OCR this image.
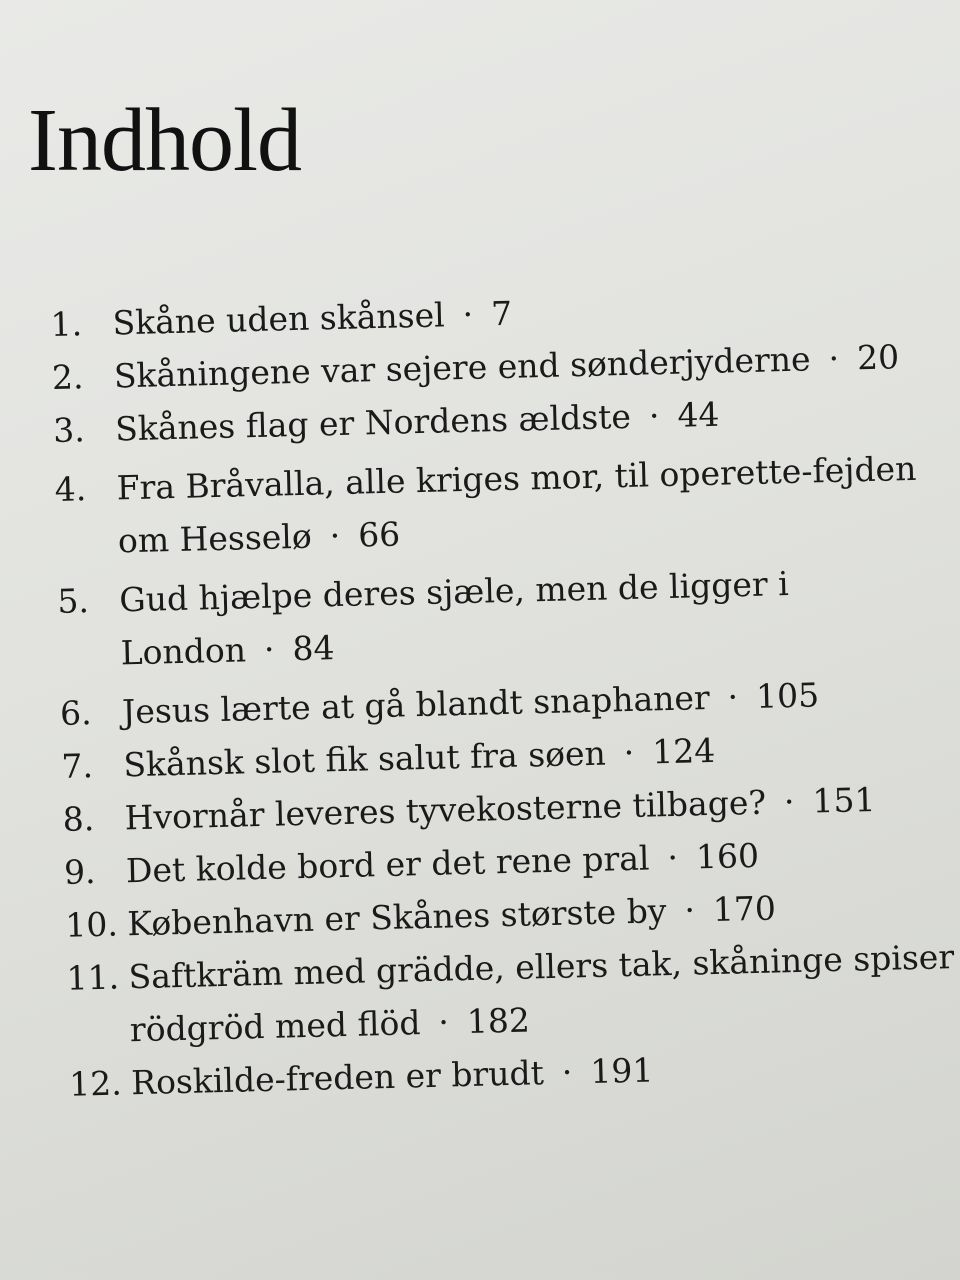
Indhold
1. Skåne uden skånsel · 7
2. Skåningene var sejere end sønderjyderne · 20
3. Skånes flag er Nordens ældste · 44
4. Fra Bråvalla, alle kriges mor, til operette-fejden
om Hesselø · 66
5. Gud hjælpe deres sjæle, men de ligger i
London · 84
6. Jesus lærte at gå blandt snaphaner · 105
7. Skånsk slot fik salut fra søen · 124
8. Hvornår leveres tyvekosterne tilbage? · 151
9. Det kolde bord er det rene pral · 160
10. København er Skånes største by · 170
11. Saftkräm med grädde, ellers tak, skåninge spiser
rödgröd med flöd · 182
12. Roskilde-freden er brudt · 191
